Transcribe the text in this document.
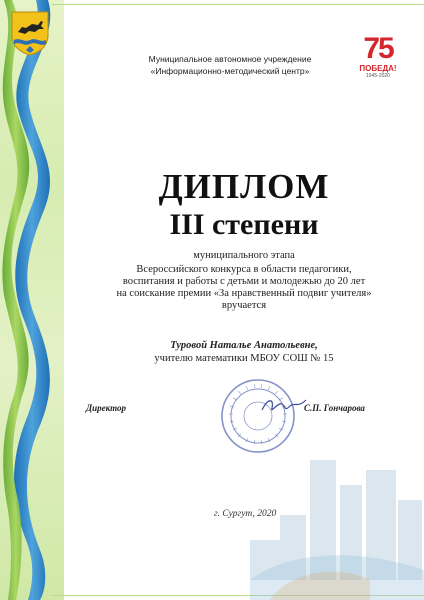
75
ПОБЕДА!
1945-2020
Муниципальное автономное учреждение
«Информационно-методический центр»
ДИПЛОМ
III степени
муниципального этапа
Всероссийского конкурса в области педагогики,
воспитания и работы с детьми и молодежью до 20 лет
на соискание премии «За нравственный подвиг учителя»
вручается
Туровой Наталье Анатольевне,
учителю математики МБОУ СОШ № 15
Директор	С.П. Гончарова
г. Сургут, 2020
